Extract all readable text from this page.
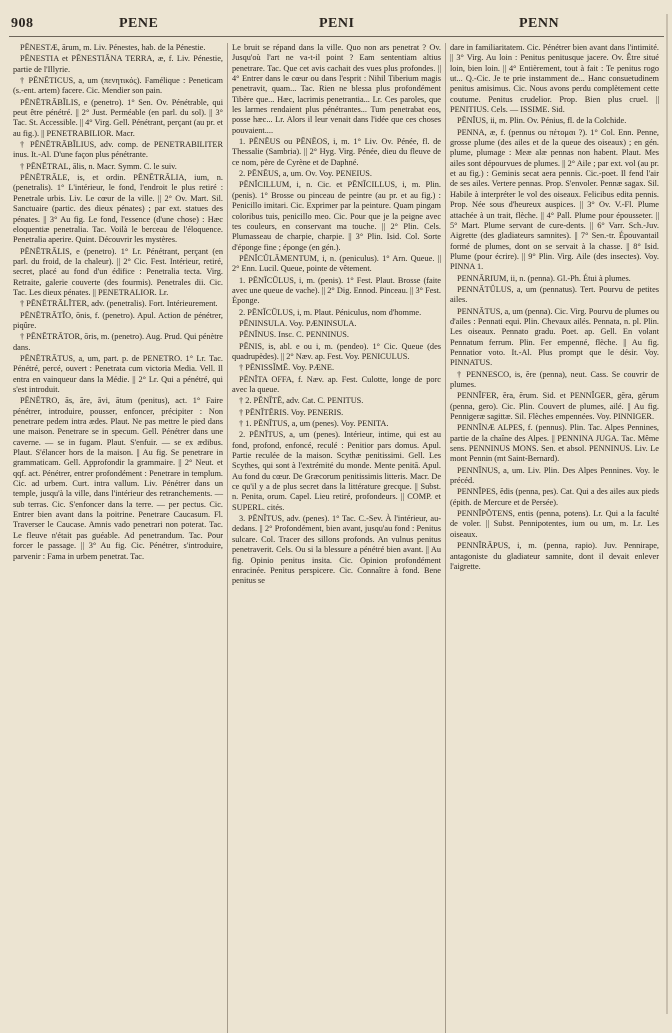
908	PENE	PENI	PENN

PĒNESTÆ, ārum, m. Liv. Pénestes, hab. de la Pénestie.

PĒNESTIA et PĒNESTIĀNA TERRA, æ, f. Liv. Pénestie, partie de l'Illyrie.

† PĒNĒTICUS, a, um (πενητικός). Famélique : Peneticam (s.-ent. artem) facere. Cic. Mendier son pain.

PĒNĒTRĀBĬLIS, e (penetro). 1° Sen. Ov. Pénétrable, qui peut être pénétré. || 2° Just. Perméable (en parl. du sol). || 3° Tac. St. Accessible. || 4° Virg. Gell. Pénétrant, perçant (au pr. et au fig.). || PENETRABILIOR. Macr.

† PĒNĒTRĀBĬLIUS, adv. comp. de PENETRABILITER inus. It.-Al. D'une façon plus pénétrante.

† PĒNĒTRAL, ālis, n. Macr. Symm. C. le suiv.

PĒNĒTRĀLE, is, et ordin. PĒNĒTRĀLIA, ium, n. (penetralis). 1° L'intérieur, le fond, l'endroit le plus retiré : Penetrale urbis. Liv. Le cœur de la ville. || 2° Ov. Mart. Sil. Sanctuaire (partic. des dieux pénates) ; par ext. statues des pénates. || 3° Au fig. Le fond, l'essence (d'une chose) : Hæc eloquentiæ penetralia. Tac. Voilà le berceau de l'éloquence. Penetralia aperire. Quint. Découvrir les mystères.

PĒNĒTRĀLIS, e (penetro). 1° Lr. Pénétrant, perçant (en parl. du froid, de la chaleur). || 2° Cic. Fest. Intérieur, retiré, secret, placé au fond d'un édifice : Penetralia tecta. Virg. Retraite, galerie couverte (des fourmis). Penetrales dii. Cic. Tac. Les dieux pénates. || PENETRALIOR. Lr.

† PĒNĒTRĀLĬTER, adv. (penetralis). Fort. Intérieurement.

PĒNĒTRĀTĬO, ōnis, f. (penetro). Apul. Action de pénétrer, piqûre.

† PĒNĒTRĀTOR, ōris, m. (penetro). Aug. Prud. Qui pénètre dans.

PĒNĒTRĀTUS, a, um, part. p. de PENETRO. 1° Lr. Tac. Pénétré, percé, ouvert : Penetrata cum victoria Media. Vell. Il entra en vainqueur dans la Médie. || 2° Lr. Qui a pénétré, qui s'est introduit.

PĒNĒTRO, ās, āre, āvi, ātum (penitus), act. 1° Faire pénétrer, introduire, pousser, enfoncer, précipiter : Non penetrare pedem intra ædes. Plaut. Ne pas mettre le pied dans une maison. Penetrare se in specum. Gell. Pénétrer dans une caverne. — se in fugam. Plaut. S'enfuir. — se ex ædibus. Plaut. S'élancer hors de la maison. || Au fig. Se penetrare in grammaticam. Gell. Approfondir la grammaire. || 2° Neut. et qqf. act. Pénétrer, entrer profondément : Penetrare in templum. Cic. ad urbem. Curt. intra vallum. Liv. Pénétrer dans un temple, jusqu'à la ville, dans l'intérieur des retranchements. — sub terras. Cic. S'enfoncer dans la terre. — per pectus. Cic. Entrer bien avant dans la poitrine. Penetrare Caucasum. Fl. Traverser le Caucase. Amnis vado penetrari non poterat. Tac. Le fleuve n'était pas guéable. Ad penetrandum. Tac. Pour forcer le passage. || 3° Au fig. Cic. Pénétrer, s'introduire, parvenir : Fama in urbem penetrat. Tac.

Le bruit se répand dans la ville. Quo non ars penetrat ? Ov. Jusqu'où l'art ne va-t-il point ? Eam sententiam altius penetrare. Tac. Que cet avis cachait des vues plus profondes. || 4° Entrer dans le cœur ou dans l'esprit : Nihil Tiberium magis penetravit, quam... Tac. Rien ne blessa plus profondément Tibère que... Hæc, lacrimis penetrantia... Lr. Ces paroles, que les larmes rendaient plus pénétrantes... Tum penetrabat eos, posse hæc... Lr. Alors il leur venait dans l'idée que ces choses pouvaient....

1. PĒNĒUS ou PĒNĒOS, i, m. 1° Liv. Ov. Pénée, fl. de Thessalie (Sambria). || 2° Hyg. Virg. Pénée, dieu du fleuve de ce nom, père de Cyrène et de Daphné.

2. PĒNĒUS, a, um. Ov. Voy. PENEIUS.

PĒNĬCILLUM, i, n. Cic. et PĒNĬCILLUS, i, m. Plin. (penis). 1° Brosse ou pinceau de peintre (au pr. et au fig.) : Penicillo imitari. Cic. Exprimer par la peinture. Quam pingam coloribus tuis, penicillo meo. Cic. Pour que je la peigne avec tes couleurs, en conservant ma touche. || 2° Plin. Cels. Plumasseau de charpie, charpie. || 3° Plin. Isid. Col. Sorte d'éponge fine ; éponge (en gén.).

PĒNĬCŬLĀMENTUM, i, n. (peniculus). 1° Arn. Queue. || 2° Enn. Lucil. Queue, pointe de vêtement.

1. PĒNĬCŬLUS, i, m. (penis). 1° Fest. Plaut. Brosse (faite avec une queue de vache). || 2° Dig. Ennod. Pinceau. || 3° Fest. Éponge.

2. PĒNĬCŬLUS, i, m. Plaut. Péniculus, nom d'homme.

PĒNINSULA. Voy. PÆNINSULA.

PĒNĪNUS. Insc. C. PENNINUS.

PĒNIS, is, abl. e ou i, m. (pendeo). 1° Cic. Queue (des quadrupèdes). || 2° Næv. ap. Fest. Voy. PENICULUS.

† PĒNISSĬMĒ. Voy. PÆNE.

PĒNĬTA OFFA, f. Næv. ap. Fest. Culotte, longe de porc avec la queue.

† 2. PĒNĬTĒ, adv. Cat. C. PENITUS.

† PĒNĬTĒRIS. Voy. PENERIS.

† 1. PĒNĬTUS, a, um (penes). Voy. PENITA.

2. PĒNĬTUS, a, um (penes). Intérieur, intime, qui est au fond, profond, enfoncé, reculé : Penitior pars domus. Apul. Partie reculée de la maison. Scythæ penitissimi. Gell. Les Scythes, qui sont à l'extrémité du monde. Mente penitā. Apul. Au fond du cœur. De Græcorum penitissimis litteris. Macr. De ce qu'il y a de plus secret dans la littérature grecque. || Subst. n. Penita, orum. Capel. Lieu retiré, profondeurs. || COMP. et SUPERL. cités.

3. PĒNĬTUS, adv. (penes). 1° Tac. C.-Sev. À l'intérieur, au-dedans. || 2° Profondément, bien avant, jusqu'au fond : Penitus sulcare. Col. Tracer des sillons profonds. An vulnus penitus penetraverit. Cels. Ou si la blessure a pénétré bien avant. || Au fig. Opinio penitus insita. Cic. Opinion profondément enracinée. Penitus perspicere. Cic. Connaître à fond. Bene penitus se

dare in familiaritatem. Cic. Pénétrer bien avant dans l'intimité. || 3° Virg. Au loin : Penitus penitusque jacere. Ov. Être situé loin, bien loin. || 4° Entièrement, tout à fait : Te penitus rogo ut... Q.-Cic. Je te prie instamment de... Hanc consuetudinem penitus amisimus. Cic. Nous avons perdu complètement cette coutume. Penitus crudelior. Prop. Bien plus cruel. || PENITIUS. Cels. — ISSIME. Sid.

PĒNĬUS, ii, m. Plin. Ov. Pénius, fl. de la Colchide.

PENNA, æ, f. (pennus ou πέτομαι ?). 1° Col. Enn. Penne, grosse plume (des ailes et de la queue des oiseaux) ; en gén. plume, plumage : Meæ alæ pennas non habent. Plaut. Mes ailes sont dépourvues de plumes. || 2° Aile ; par ext. vol (au pr. et au fig.) : Geminis secat aera pennis. Cic.-poet. Il fend l'air de ses ailes. Vertere pennas. Prop. S'envoler. Pennæ sagax. Sil. Habile à interpréter le vol des oiseaux. Felicibus edita pennis. Prop. Née sous d'heureux auspices. || 3° Ov. V.-Fl. Plume attachée à un trait, flèche. || 4° Pall. Plume pour épousseter. || 5° Mart. Plume servant de cure-dents. || 6° Varr. Sch.-Juv. Aigrette (des gladiateurs samnites). || 7° Sen.-tr. Épouvantail formé de plumes, dont on se servait à la chasse. || 8° Isid. Plume (pour écrire). || 9° Plin. Virg. Aile (des insectes). Voy. PINNA 1.

PENNĀRIUM, ii, n. (penna). Gl.-Ph. Étui à plumes.

PENNĀTŬLUS, a, um (pennatus). Tert. Pourvu de petites ailes.

PENNĀTUS, a, um (penna). Cic. Virg. Pourvu de plumes ou d'ailes : Pennati equi. Plin. Chevaux ailés. Pennata, n. pl. Plin. Les oiseaux. Pennato gradu. Poet. ap. Gell. En volant Pennatum ferrum. Plin. Fer empenné, flèche. || Au fig. Pennatior voto. It.-Al. Plus prompt que le désir. Voy. PINNATUS.

† PENNESCO, is, ĕre (penna), neut. Cass. Se couvrir de plumes.

PENNĬFER, ĕra, ĕrum. Sid. et PENNĬGER, gĕra, gĕrum (penna, gero). Cic. Plin. Couvert de plumes, ailé. || Au fig. Pennigeræ sagittæ. Sil. Flèches empennées. Voy. PINNIGER.

PENNĪNÆ ALPES, f. (pennus). Plin. Tac. Alpes Pennines, partie de la chaîne des Alpes. || PENNINA JUGA. Tac. Même sens. PENNINUS MONS. Sen. et absol. PENNINUS. Liv. Le mont Pennin (mt Saint-Bernard).

PENNĪNUS, a, um. Liv. Plin. Des Alpes Pennines. Voy. le précéd.

PENNĬPES, ĕdis (penna, pes). Cat. Qui a des ailes aux pieds (épith. de Mercure et de Persée).

PENNĬPŎTENS, entis (penna, potens). Lr. Qui a la faculté de voler. || Subst. Pennipotentes, ium ou um, m. Lr. Les oiseaux.

PENNĬRĀPUS, i, m. (penna, rapio). Juv. Pennirape, antagoniste du gladiateur samnite, dont il devait enlever l'aigrette.
